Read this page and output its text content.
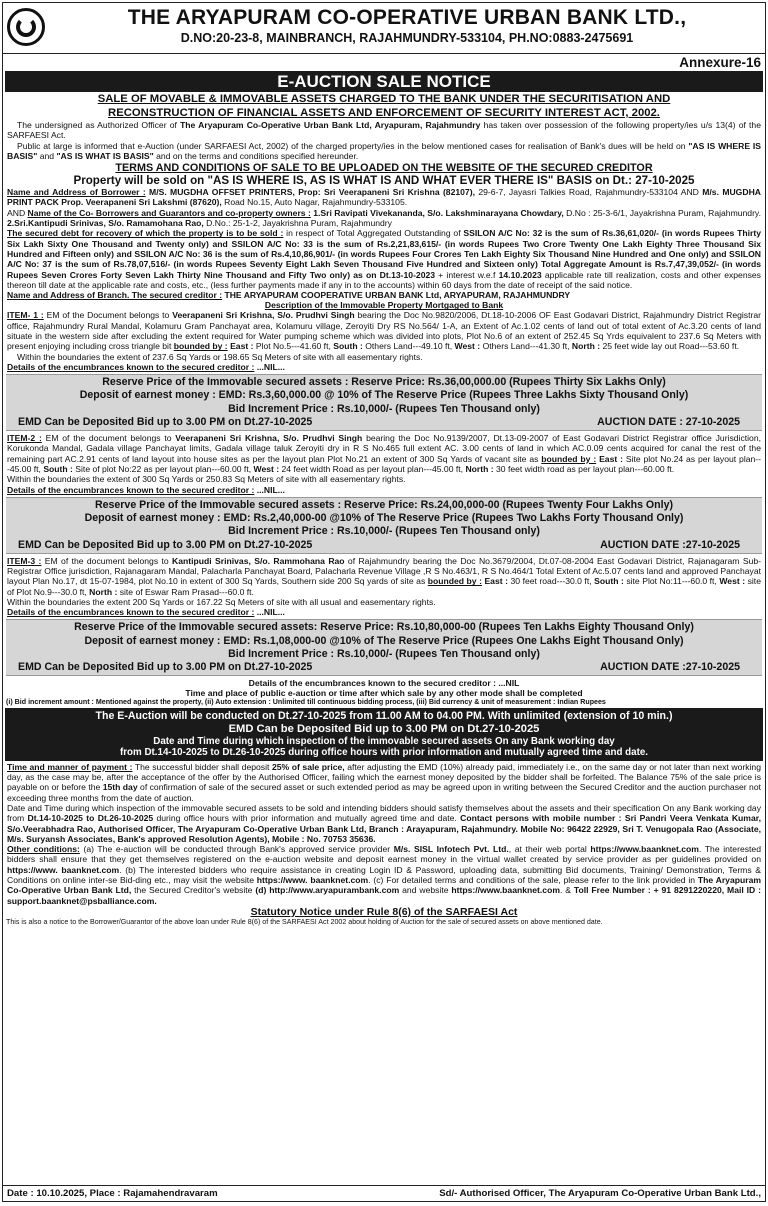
THE ARYAPURAM CO-OPERATIVE URBAN BANK LTD.,
D.NO:20-23-8, MAINBRANCH, RAJAHMUNDRY-533104, PH.NO:0883-2475691
Annexure-16
E-AUCTION SALE NOTICE
SALE OF MOVABLE & IMMOVABLE ASSETS CHARGED TO THE BANK UNDER THE SECURITISATION AND
RECONSTRUCTION OF FINANCIAL ASSETS AND ENFORCEMENT OF SECURITY INTEREST ACT, 2002.

The undersigned as Authorized Officer of The Aryapuram Co-Operative Urban Bank Ltd, Aryapuram, Rajahmundry has taken over possession of the following property/ies u/s 13(4) of the SARFAESI Act.

Public at large is informed that e-Auction (under SARFAESI Act, 2002) of the charged property/ies in the below mentioned cases for realisation of Bank's dues will be held on "AS IS WHERE IS BASIS" and "AS IS WHAT IS BASIS" and on the terms and conditions specified hereunder.

TERMS AND CONDITIONS OF SALE TO BE UPLOADED ON THE WEBSITE OF THE SECURED CREDITOR
Property will be sold on "AS IS WHERE IS, AS IS WHAT IS AND WHAT EVER THERE IS" BASIS on Dt.: 27-10-2025

Name and Address of Borrower : M/S. MUGDHA OFFSET PRINTERS, Prop: Sri Veerapaneni Sri Krishna (82107), 29-6-7, Jayasri Talkies Road, Rajahmundry-533104 AND M/s. MUGDHA PRINT PACK Prop. Veerapaneni Sri Lakshmi (87620), Road No.15, Auto Nagar, Rajahmundry-533105.

AND Name of the Co- Borrowers and Guarantors and co-property owners : 1.Sri Ravipati Vivekananda, S/o. Lakshminarayana Chowdary, D.No : 25-3-6/1, Jayakrishna Puram, Rajahmundry. 2.Sri.Kantipudi Srinivas, S/o. Ramamohana Rao, D.No.: 25-1-2, Jayakrishna Puram, Rajahmundry

The secured debt for recovery of which the property is to be sold : in respect of Total Aggregated Outstanding of SSILON A/C No: 32 is the sum of Rs.36,61,020/- (in words Rupees Thirty Six Lakh Sixty One Thousand and Twenty only) and SSILON A/C No: 33 is the sum of Rs.2,21,83,615/- (in words Rupees Two Crore Twenty One Lakh Eighty Three Thousand Six Hundred and Fifteen only) and SSILON A/C No: 36 is the sum of Rs.4,10,86,901/- (in words Rupees Four Crores Ten Lakh Eighty Six Thousand Nine Hundred and One only) and SSILON A/C No: 37 is the sum of Rs.78,07,516/- (in words Rupees Seventy Eight Lakh Seven Thousand Five Hundred and Sixteen only) Total Aggregate Amount is Rs.7,47,39,052/- (in words Rupees Seven Crores Forty Seven Lakh Thirty Nine Thousand and Fifty Two only) as on Dt.13-10-2023 + interest w.e.f 14.10.2023 applicable rate till realization, costs and other expenses thereon till date at the applicable rate and costs, etc., (less further payments made if any in to the accounts) within 60 days from the date of receipt of the said notice.

Name and Address of Branch. The secured creditor : THE ARYAPURAM COOPERATIVE URBAN BANK Ltd, ARYAPURAM, RAJAHMUNDRY

Description of the Immovable Property Mortgaged to Bank

ITEM- 1 : EM of the Document belongs to Veerapaneni Sri Krishna, S/o. Prudhvi Singh bearing the Doc No.9820/2006, Dt.18-10-2006 OF East Godavari District, Rajahmundry District Registrar office, Rajahmundry Rural Mandal, Kolamuru Gram Panchayat area, Kolamuru village, Zeroyiti Dry RS No.564/ 1-A, an Extent of Ac.1.02 cents of land out of total extent of Ac.3.20 cents of land situate in the western side after excluding the extent required for Water pumping scheme which was divided into plots, Plot No.6 of an extent of 252.45 Sq Yrds equivalent to 237.6 Sq Meters with present enjoying including cross triangle bit bounded by : East : Plot No.5---41.60 ft, South : Others Land---49.10 ft, West : Others Land---41.30 ft, North : 25 feet wide lay out Road---53.60 ft.

Within the boundaries the extent of 237.6 Sq Yards or 198.65 Sq Meters of site with all easementary rights.

Details of the encumbrances known to the secured creditor : ...NIL...
Reserve Price of the Immovable secured assets : Reserve Price: Rs.36,00,000.00 (Rupees Thirty Six Lakhs Only)
Deposit of earnest money : EMD: Rs.3,60,000.00 @ 10% of The Reserve Price (Rupees Three Lakhs Sixty Thousand Only)
Bid Increment Price : Rs.10,000/- (Rupees Ten Thousand only)
EMD Can be Deposited Bid up to 3.00 PM on Dt.27-10-2025	AUCTION DATE : 27-10-2025

ITEM-2 : EM of the document belongs to Veerapaneni Sri Krishna, S/o. Prudhvi Singh bearing the Doc No.9139/2007, Dt.13-09-2007 of East Godavari District Registrar office Jurisdiction, Korukonda Mandal, Gadala village Panchayat limits, Gadala village taluk Zeroyiti dry in R S No.465 full extent AC. 3.00 cents of land in which AC.0.09 cents acquired for canal the rest of the remaining part AC.2.91 cents of land layout into house sites as per the layout plan Plot No.21 an extent of 300 Sq Yards of vacant site as bounded by : East : Site plot No.24 as per layout plan---45.00 ft, South : Site of plot No:22 as per layout plan---60.00 ft, West : 24 feet width Road as per layout plan---45.00 ft, North : 30 feet width road as per layout plan---60.00 ft.

Within the boundaries the extent of 300 Sq Yards or 250.83 Sq Meters of site with all easementary rights.

Details of the encumbrances known to the secured creditor : ...NIL...
Reserve Price of the Immovable secured assets : Reserve Price: Rs.24,00,000-00 (Rupees Twenty Four Lakhs Only)
Deposit of earnest money : EMD: Rs.2,40,000-00 @10% of The Reserve Price (Rupees Two Lakhs Forty Thousand Only)
Bid Increment Price : Rs.10,000/- (Rupees Ten Thousand only)
EMD Can be Deposited Bid up to 3.00 PM on Dt.27-10-2025	AUCTION DATE :27-10-2025

ITEM-3 : EM of the document belongs to Kantipudi Srinivas, S/o. Rammohana Rao of Rajahmundry bearing the Doc No.3679/2004, Dt.07-08-2004 East Godavari District, Rajanagaram Sub-Registrar Office jurisdiction, Rajanagaram Mandal, Palacharla Panchayat Board, Palacharla Revenue Village ,R S No.463/1, R S No.464/1 Total Extent of Ac.5.07 cents land and approved Panchayat layout Plan No.17, dt 15-07-1984, plot No.10 in extent of 300 Sq Yards, Southern side 200 Sq yards of site as bounded by : East : 30 feet road---30.0 ft, South : site Plot No:11---60.0 ft, West : site of Plot No.9---30.0 ft, North : site of Eswar Ram Prasad---60.0 ft.

Within the boundaries the extent 200 Sq Yards or 167.22 Sq Meters of site with all usual and easementary rights.

Details of the encumbrances known to the secured creditor : ...NIL...
Reserve Price of the Immovable secured assets: Reserve Price: Rs.10,80,000-00 (Rupees Ten Lakhs Eighty Thousand Only)
Deposit of earnest money : EMD: Rs.1,08,000-00 @10% of The Reserve Price (Rupees One Lakhs Eight Thousand Only)
Bid Increment Price : Rs.10,000/- (Rupees Ten Thousand only)
EMD Can be Deposited Bid up to 3.00 PM on Dt.27-10-2025	AUCTION DATE :27-10-2025
Details of the encumbrances known to the secured creditor : ...NIL
Time and place of public e-auction or time after which sale by any other mode shall be completed
(i) Bid increment amount : Mentioned against the property, (ii) Auto extension : Unlimited till continuous bidding process, (iii) Bid currency & unit of measurement : Indian Rupees
The E-Auction will be conducted on Dt.27-10-2025 from 11.00 AM to 04.00 PM. With unlimited (extension of 10 min.)
EMD Can be Deposited Bid up to 3.00 PM on Dt.27-10-2025
Date and Time during which inspection of the immovable secured assets On any Bank working day
from Dt.14-10-2025 to Dt.26-10-2025 during office hours with prior information and mutually agreed time and date.

Time and manner of payment : The successful bidder shall deposit 25% of sale price, after adjusting the EMD (10%) already paid, immediately i.e., on the same day or not later than next working day, as the case may be, after the acceptance of the offer by the Authorised Officer, failing which the earnest money deposited by the bidder shall be forfeited. The Balance 75% of the sale price is payable on or before the 15th day of confirmation of sale of the secured asset or such extended period as may be agreed upon in writing between the Secured Creditor and the auction purchaser not exceeding three months from the date of auction.

Date and Time during which inspection of the immovable secured assets to be sold and intending bidders should satisfy themselves about the assets and their specification On any Bank working day from Dt.14-10-2025 to Dt.26-10-2025 during office hours with prior information and mutually agreed time and date. Contact persons with mobile number : Sri Pandri Veera Venkata Kumar, S/o.Veerabhadra Rao, Authorised Officer, The Aryapuram Co-Operative Urban Bank Ltd, Branch : Arayapuram, Rajahmundry. Mobile No: 96422 22929, Sri T. Venugopala Rao (Associate, M/s. Suryansh Associates, Bank's approved Resolution Agents), Mobile : No. 70753 35636.

Other conditions: (a) The e-auction will be conducted through Bank's approved service provider M/s. SISL Infotech Pvt. Ltd., at their web portal https://www.baanknet.com. The interested bidders shall ensure that they get themselves registered on the e-auction website and deposit earnest money in the virtual wallet created by service provider as per guidelines provided on https://www. baanknet.com. (b) The interested bidders who require assistance in creating Login ID & Password, uploading data, submitting Bid documents, Training/ Demonstration, Terms & Conditions on online inter-se Bid-ding etc., may visit the website https://www. baanknet.com. (c) For detailed terms and conditions of the sale, please refer to the link provided in The Aryapuram Co-Operative Urban Bank Ltd, the Secured Creditor's website (d) http://www.aryapurambank.com and website https://www.baanknet.com. & Toll Free Number : + 91 8291220220, Mail ID : support.baanknet@psballiance.com.

Statutory Notice under Rule 8(6) of the SARFAESI Act
This is also a notice to the Borrower/Guarantor of the above loan under Rule 8(6) of the SARFAESI Act 2002 about holding of Auction for the sale of secured assets on above mentioned date.
Date : 10.10.2025, Place : Rajamahendravaram	Sd/- Authorised Officer, The Aryapuram Co-Operative Urban Bank Ltd.,
